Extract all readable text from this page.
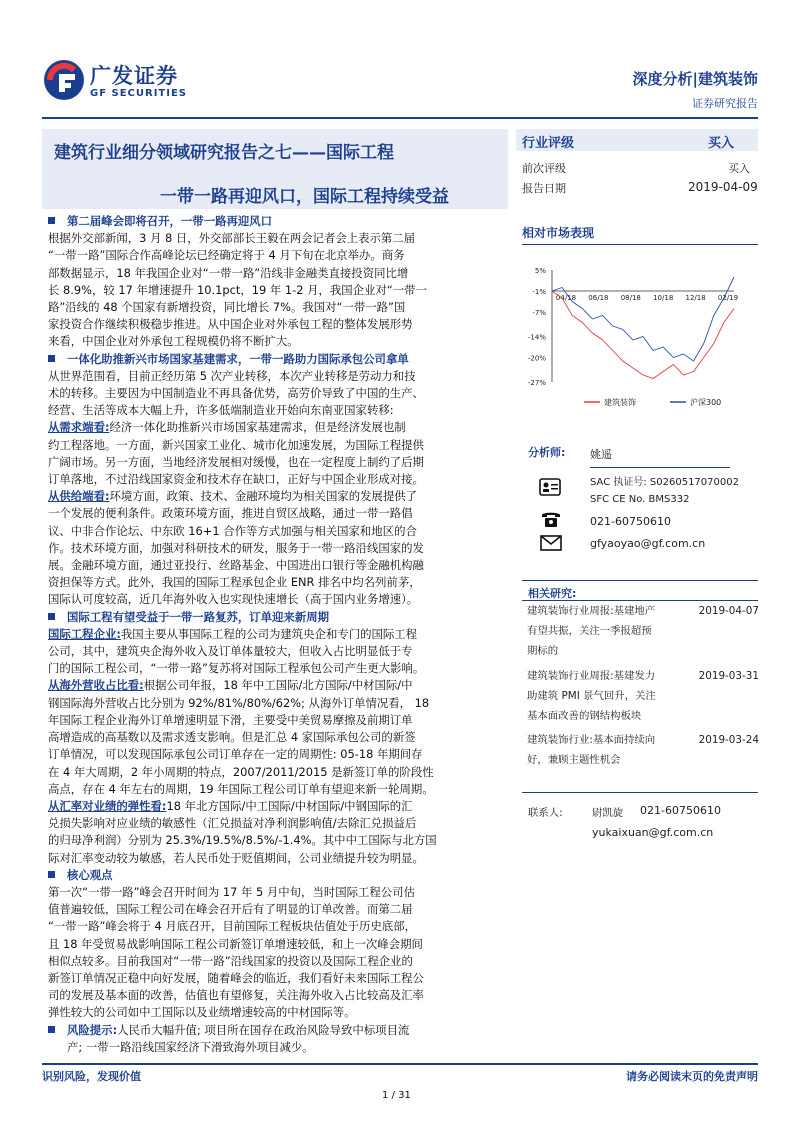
广发证券
GF SECURITIES
深度分析|建筑装饰
证券研究报告
建筑行业细分领域研究报告之七——国际工程
一带一路再迎风口，国际工程持续受益
行业评级	买入
前次评级	买入
报告日期	2019-04-09
相对市场表现
5%
-1%
-7%
-14%
-20%
-27%
04/18 06/18 08/18 10/18 12/18 02/19
建筑装饰	沪深300
分析师: 姚遥
SAC 执证号: S0260517070002
SFC CE No. BMS332
021-60750610
gfyaoyao@gf.com.cn
相关研究:
建筑装饰行业周报:基建地产
有望共振，关注一季报超预
期标的
2019-04-07
建筑装饰行业周报:基建发力
助建筑 PMI 景气回升，关注
基本面改善的钢结构板块
2019-03-31
建筑装饰行业:基本面持续向
好，兼顾主题性机会
2019-03-24
联系人:	尉凯旋 021-60750610
yukaixuan@gf.com.cn

第二届峰会即将召开，一带一路再迎风口

根据外交部新闻，3 月 8 日，外交部部长王毅在两会记者会上表示第二届

“一带一路”国际合作高峰论坛已经确定将于 4 月下旬在北京举办。商务

部数据显示，18 年我国企业对“一带一路”沿线非金融类直接投资同比增

长 8.9%，较 17 年增速提升 10.1pct，19 年 1-2 月，我国企业对“一带一

路”沿线的 48 个国家有新增投资，同比增长 7%。我国对“一带一路”国

家投资合作继续积极稳步推进。从中国企业对外承包工程的整体发展形势

来看，中国企业对外承包工程规模仍将不断扩大。

一体化助推新兴市场国家基建需求，一带一路助力国际承包公司拿单

从世界范围看，目前正经历第 5 次产业转移，本次产业转移是劳动力和技

术的转移。主要因为中国制造业不再具备优势，高劳价导致了中国的生产、

经营、生活等成本大幅上升，许多低端制造业开始向东南亚国家转移:

从需求端看:经济一体化助推新兴市场国家基建需求，但是经济发展也制

约工程落地。一方面，新兴国家工业化、城市化加速发展，为国际工程提供

广阔市场。另一方面，当地经济发展相对缓慢，也在一定程度上制约了后期

订单落地，不过沿线国家资金和技术存在缺口，正好与中国企业形成对接。

从供给端看:环境方面，政策、技术、金融环境均为相关国家的发展提供了

一个发展的便利条件。政策环境方面，推进自贸区战略，通过一带一路倡

议、中非合作论坛、中东欧 16+1 合作等方式加强与相关国家和地区的合

作。技术环境方面，加强对科研技术的研发，服务于一带一路沿线国家的发

展。金融环境方面，通过亚投行、丝路基金、中国进出口银行等金融机构融

资担保等方式。此外，我国的国际工程承包企业 ENR 排名中均名列前茅，

国际认可度较高，近几年海外收入也实现快速增长（高于国内业务增速）。

国际工程有望受益于一带一路复苏，订单迎来新周期

国际工程企业:我国主要从事国际工程的公司为建筑央企和专门的国际工程

公司，其中，建筑央企海外收入及订单体量较大，但收入占比明显低于专

门的国际工程公司，“一带一路”复苏将对国际工程承包公司产生更大影响。

从海外营收占比看:根据公司年报，18 年中工国际/北方国际/中材国际/中

钢国际海外营收占比分别为 92%/81%/80%/62%; 从海外订单情况看， 18

年国际工程企业海外订单增速明显下滑，主要受中美贸易摩擦及前期订单

高增造成的高基数以及需求透支影响。但是汇总 4 家国际承包公司的新签

订单情况，可以发现国际承包公司订单存在一定的周期性: 05-18 年期间存

在 4 年大周期，2 年小周期的特点，2007/2011/2015 是新签订单的阶段性

高点，存在 4 年左右的周期，19 年国际工程公司订单有望迎来新一轮周期。

从汇率对业绩的弹性看:18 年北方国际/中工国际/中材国际/中钢国际的汇

兑损失影响对应业绩的敏感性（汇兑损益对净利润影响值/去除汇兑损益后

的归母净利润）分别为 25.3%/19.5%/8.5%/-1.4%。其中中工国际与北方国

际对汇率变动较为敏感，若人民币处于贬值期间，公司业绩提升较为明显。

核心观点

第一次“一带一路”峰会召开时间为 17 年 5 月中旬，当时国际工程公司估

值普遍较低，国际工程公司在峰会召开后有了明显的订单改善。而第二届

“一带一路”峰会将于 4 月底召开，目前国际工程板块估值处于历史底部，

且 18 年受贸易战影响国际工程公司新签订单增速较低，和上一次峰会期间

相似点较多。目前我国对“一带一路”沿线国家的投资以及国际工程企业的

新签订单情况正稳中向好发展，随着峰会的临近，我们看好未来国际工程公

司的发展及基本面的改善，估值也有望修复，关注海外收入占比较高及汇率

弹性较大的公司如中工国际以及业绩增速较高的中材国际等。

风险提示:人民币大幅升值; 项目所在国存在政治风险导致中标项目流

产; 一带一路沿线国家经济下滑致海外项目减少。

识别风险，发现价值	请务必阅读末页的免责声明
1 / 31
